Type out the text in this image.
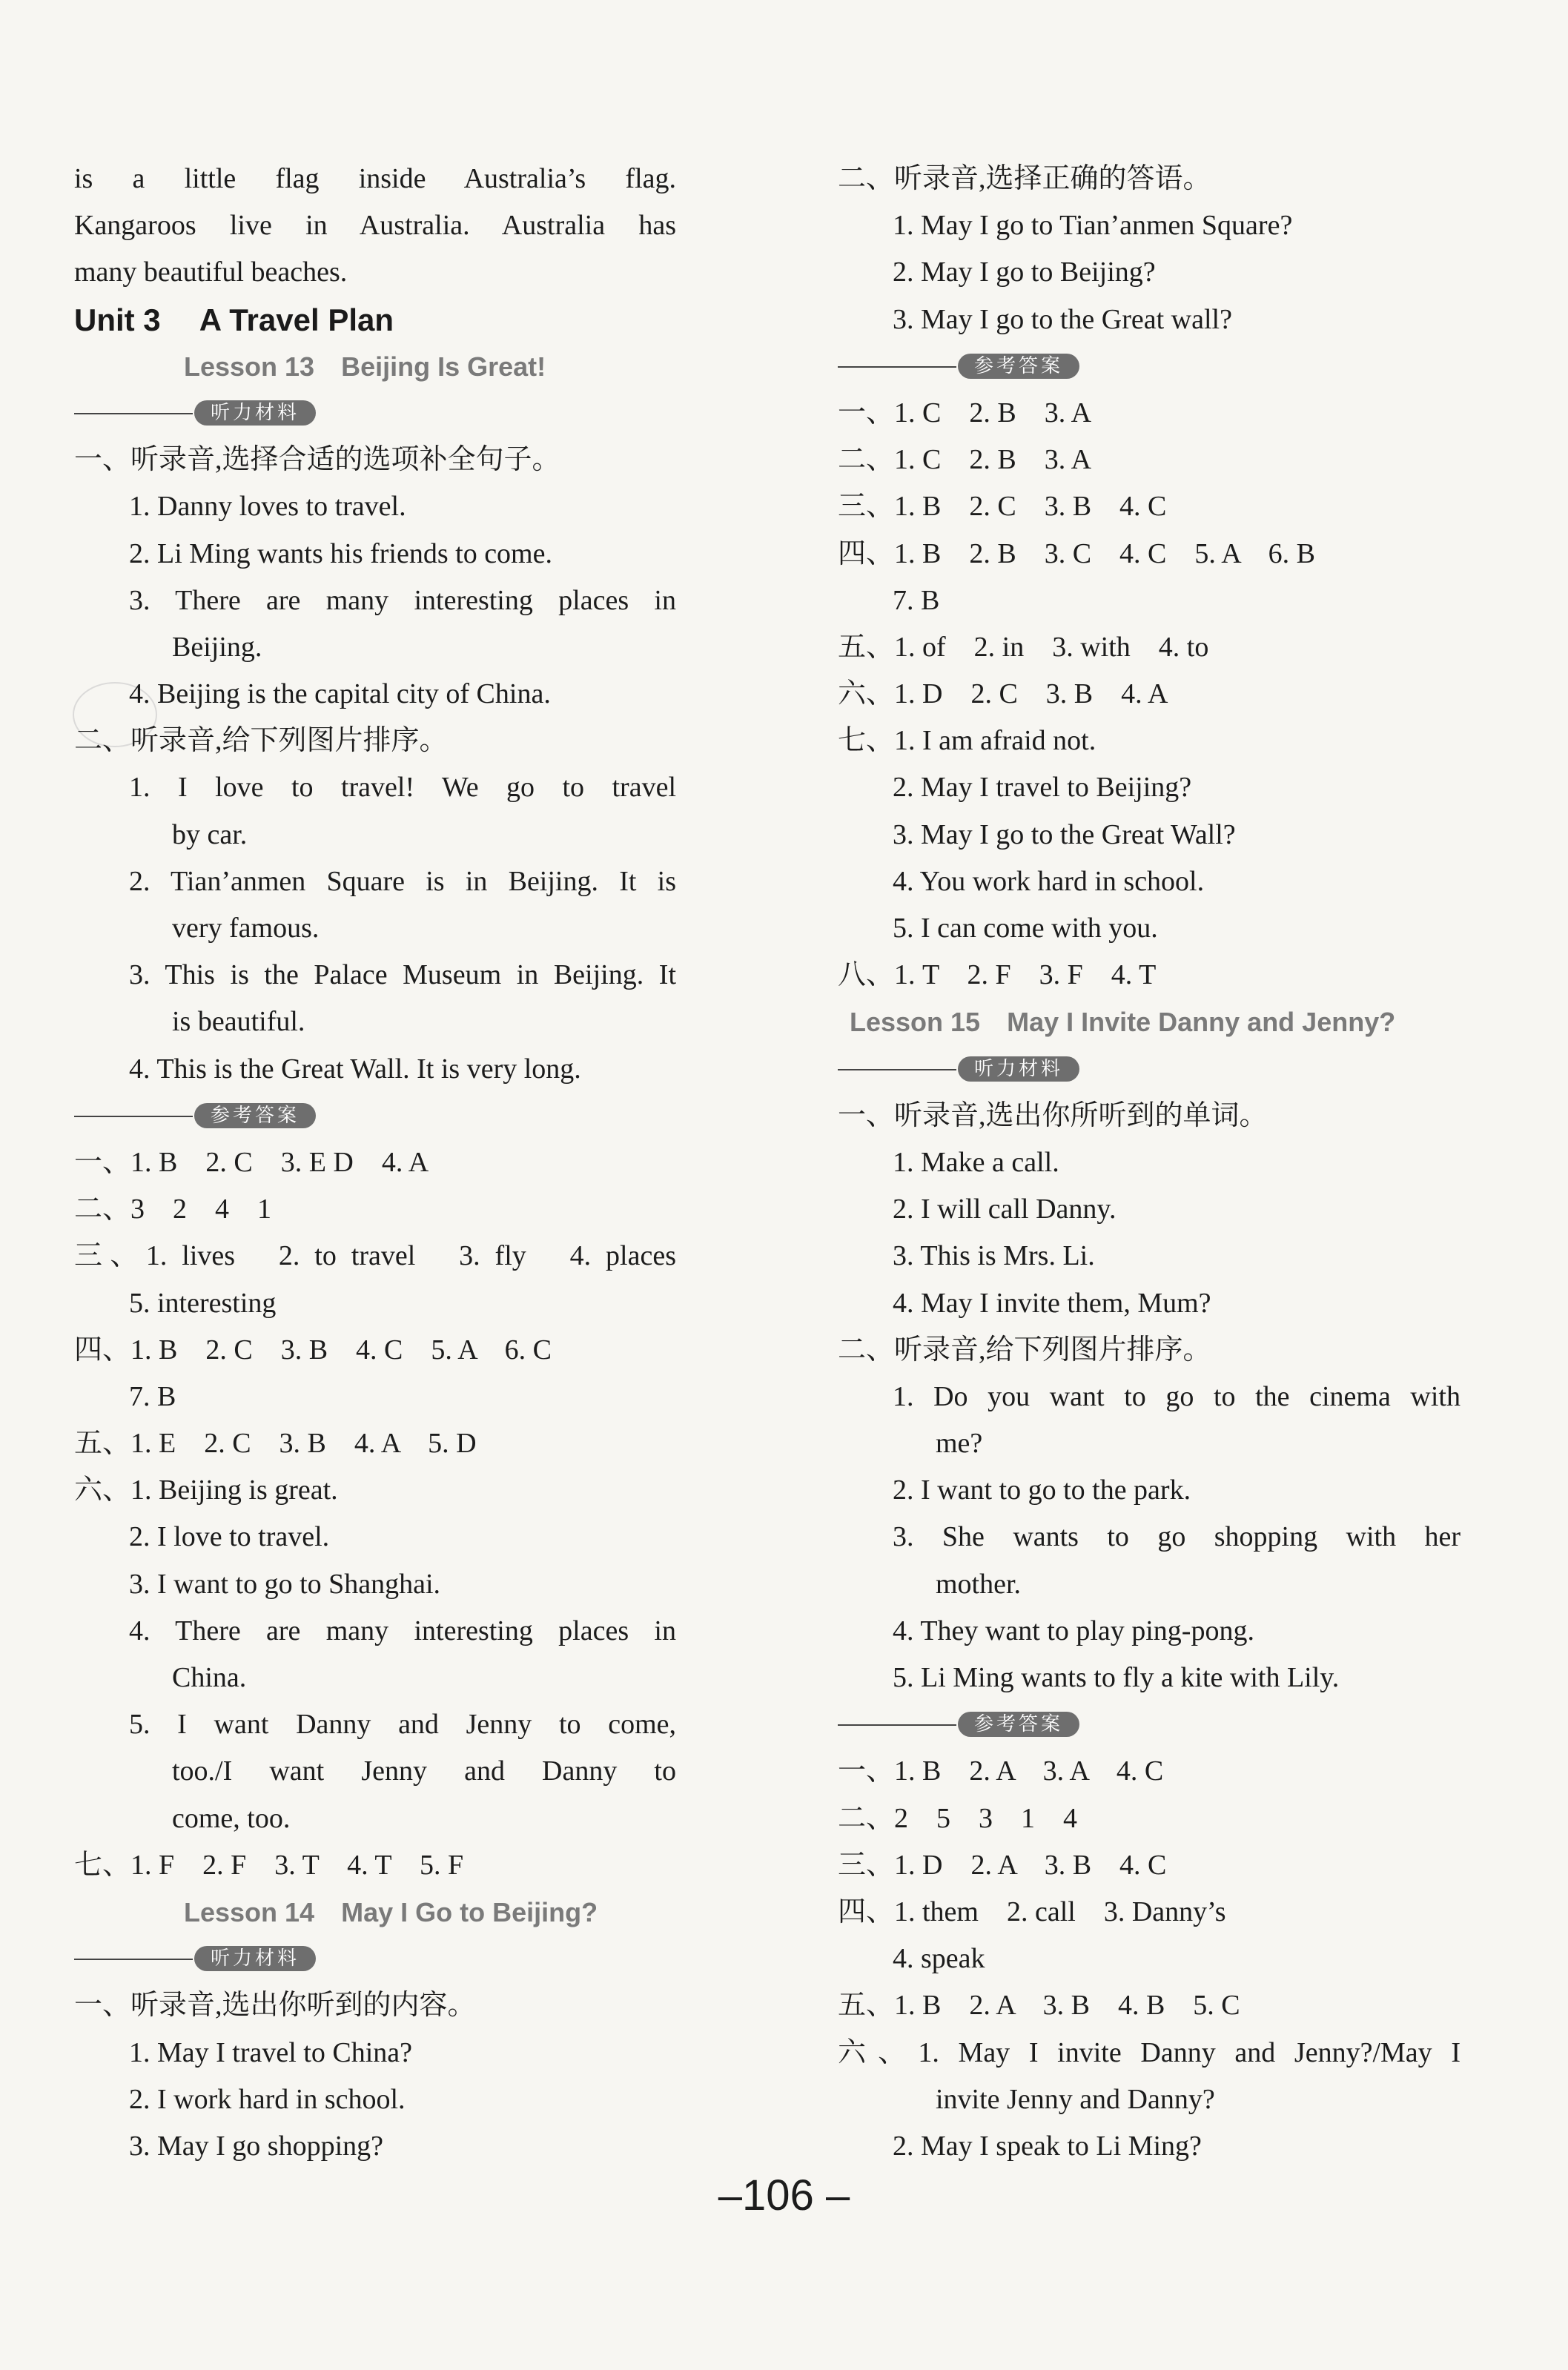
is a little flag inside Australia’s flag.
Kangaroos live in Australia. Australia has
many beautiful beaches.
Unit 3　 A Travel Plan
Lesson 13　Beijing Is Great!
听力材料
一、听录音,选择合适的选项补全句子。
1. Danny loves to travel.
2. Li Ming wants his friends to come.
3. There are many interesting places in
Beijing.
4. Beijing is the capital city of China.
二、听录音,给下列图片排序。
1. I love to travel! We go to travel
by car.
2. Tian’anmen Square is in Beijing. It is
very famous.
3. This is the Palace Museum in Beijing. It
is beautiful.
4. This is the Great Wall. It is very long.
参考答案
一、1. B　2. C　3. E D　4. A
二、3　2　4　1
三、1. lives　2. to travel　3. fly　4. places
5. interesting
四、1. B　2. C　3. B　4. C　5. A　6. C
7. B
五、1. E　2. C　3. B　4. A　5. D
六、1. Beijing is great.
2. I love to travel.
3. I want to go to Shanghai.
4. There are many interesting places in
China.
5. I want Danny and Jenny to come,
too./I want Jenny and Danny to
come, too.
七、1. F　2. F　3. T　4. T　5. F
Lesson 14　May I Go to Beijing?
听力材料
一、听录音,选出你听到的内容。
1. May I travel to China?
2. I work hard in school.
3. May I go shopping?
二、听录音,选择正确的答语。
1. May I go to Tian’anmen Square?
2. May I go to Beijing?
3. May I go to the Great wall?
参考答案
一、1. C　2. B　3. A
二、1. C　2. B　3. A
三、1. B　2. C　3. B　4. C
四、1. B　2. B　3. C　4. C　5. A　6. B
7. B
五、1. of　2. in　3. with　4. to
六、1. D　2. C　3. B　4. A
七、1. I am afraid not.
2. May I travel to Beijing?
3. May I go to the Great Wall?
4. You work hard in school.
5. I can come with you.
八、1. T　2. F　3. F　4. T
Lesson 15　May I Invite Danny and Jenny?
听力材料
一、听录音,选出你所听到的单词。
1. Make a call.
2. I will call Danny.
3. This is Mrs. Li.
4. May I invite them, Mum?
二、听录音,给下列图片排序。
1. Do you want to go to the cinema with
me?
2. I want to go to the park.
3. She wants to go shopping with her
mother.
4. They want to play ping-pong.
5. Li Ming wants to fly a kite with Lily.
参考答案
一、1. B　2. A　3. A　4. C
二、2　5　3　1　4
三、1. D　2. A　3. B　4. C
四、1. them　2. call　3. Danny’s
4. speak
五、1. B　2. A　3. B　4. B　5. C
六、1. May I invite Danny and Jenny?/May I
invite Jenny and Danny?
2. May I speak to Li Ming?
–106 –
